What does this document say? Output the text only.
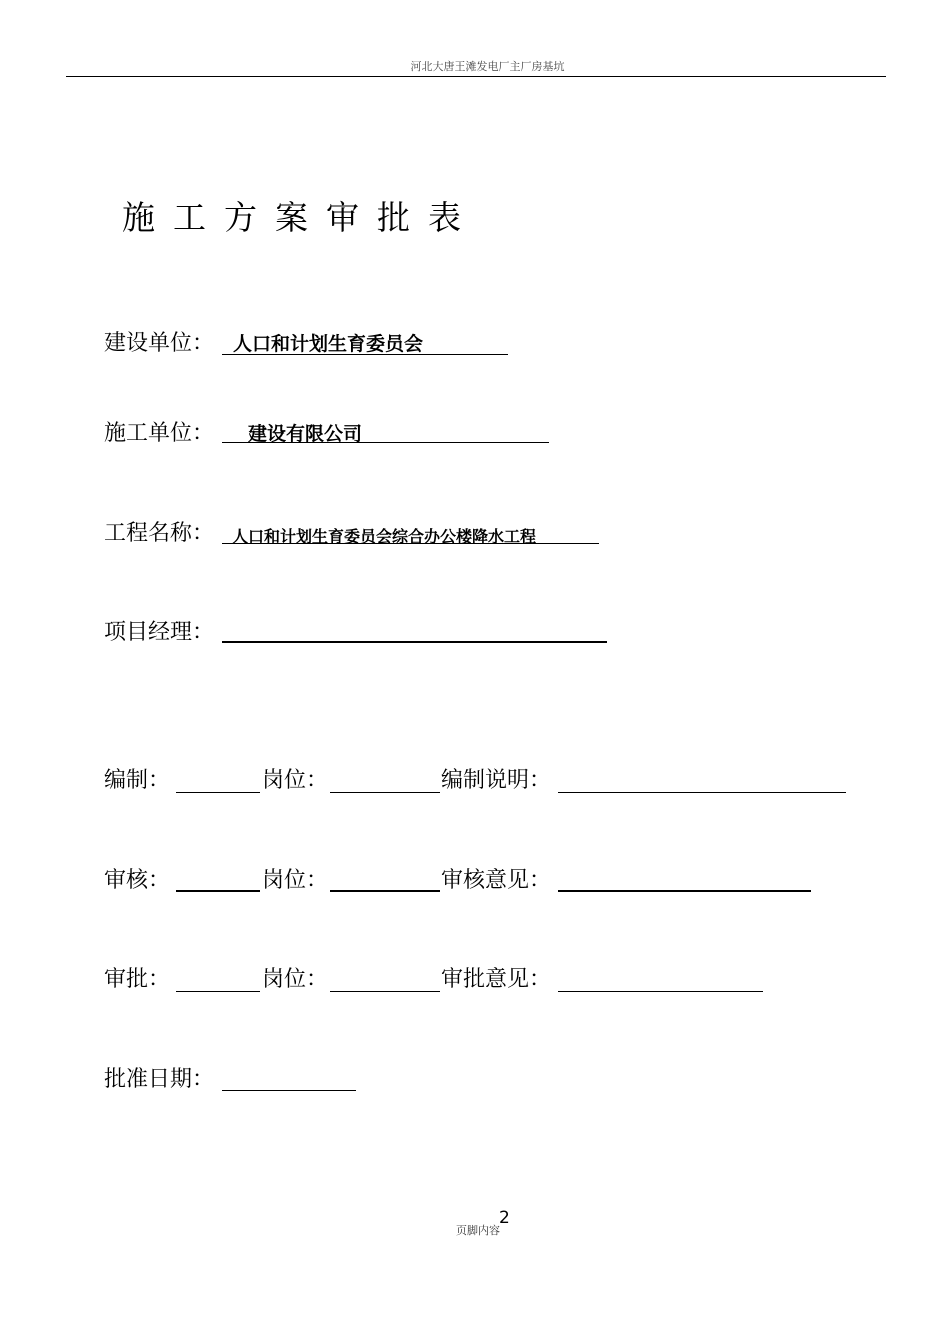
河北大唐王滩发电厂主厂房基坑
施工方案审批表
建设单位： 人口和计划生育委员会
施工单位： 建设有限公司
工程名称： 人口和计划生育委员会综合办公楼降水工程
项目经理：
编制：	岗位：	编制说明：
审核：	岗位：	审核意见：
审批：	岗位：	审批意见：
批准日期：
页脚内容
2
